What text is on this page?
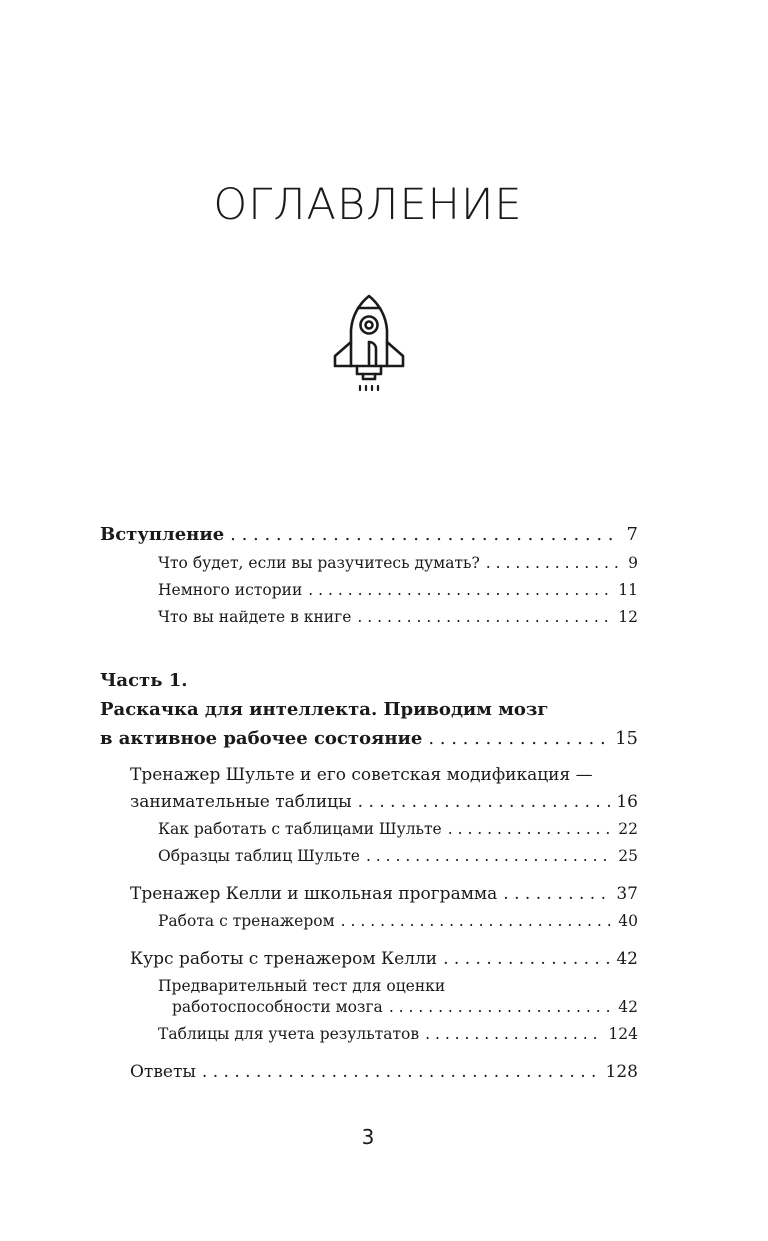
ОГЛАВЛЕНИЕ
Вступление . . .	7
Что будет, если вы разучитесь думать? . . .	9
Немного истории . . .	11
Что вы найдете в книге . . .	12
Часть 1.
Раскачка для интеллекта. Приводим мозг
в активное рабочее состояние . . .	15
Тренажер Шульте и его советская модификация —
занимательные таблицы . . .	16
Как работать с таблицами Шульте . . .	22
Образцы таблиц Шульте . . .	25
Тренажер Келли и школьная программа . . .	37
Работа с тренажером . . .	40
Курс работы с тренажером Келли . . .	42
Предварительный тест для оценки
работоспособности мозга . . .	42
Таблицы для учета результатов . . .	124
Ответы . . .	128
3
